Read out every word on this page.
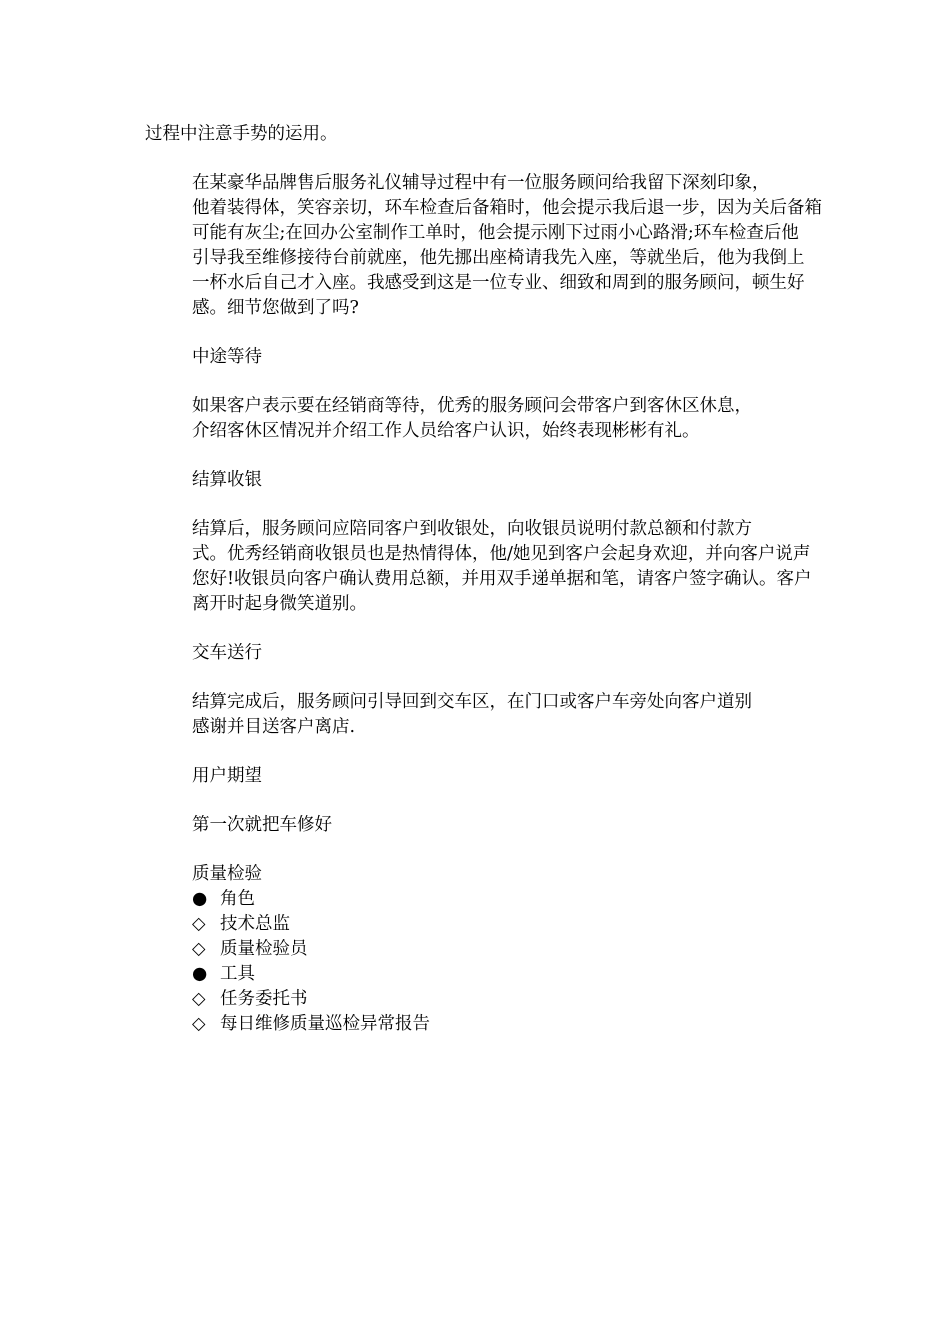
过程中注意手势的运用。

在某豪华品牌售后服务礼仪辅导过程中有一位服务顾问给我留下深刻印象，
他着装得体，笑容亲切，环车检查后备箱时，他会提示我后退一步，因为关后备箱
可能有灰尘;在回办公室制作工单时，他会提示刚下过雨小心路滑;环车检查后他
引导我至维修接待台前就座，他先挪出座椅请我先入座，等就坐后，他为我倒上
一杯水后自己才入座。我感受到这是一位专业、细致和周到的服务顾问，顿生好
感。细节您做到了吗?

中途等待

如果客户表示要在经销商等待，优秀的服务顾问会带客户到客休区休息，
介绍客休区情况并介绍工作人员给客户认识，始终表现彬彬有礼。

结算收银

结算后，服务顾问应陪同客户到收银处，向收银员说明付款总额和付款方
式。优秀经销商收银员也是热情得体，他/她见到客户会起身欢迎，并向客户说声
您好!收银员向客户确认费用总额，并用双手递单据和笔，请客户签字确认。客户
离开时起身微笑道别。

交车送行

结算完成后，服务顾问引导回到交车区，在门口或客户车旁处向客户道别
感谢并目送客户离店.

用户期望

第一次就把车修好

质量检验

● 角色

◇ 技术总监

◇ 质量检验员

● 工具

◇ 任务委托书

◇ 每日维修质量巡检异常报告
